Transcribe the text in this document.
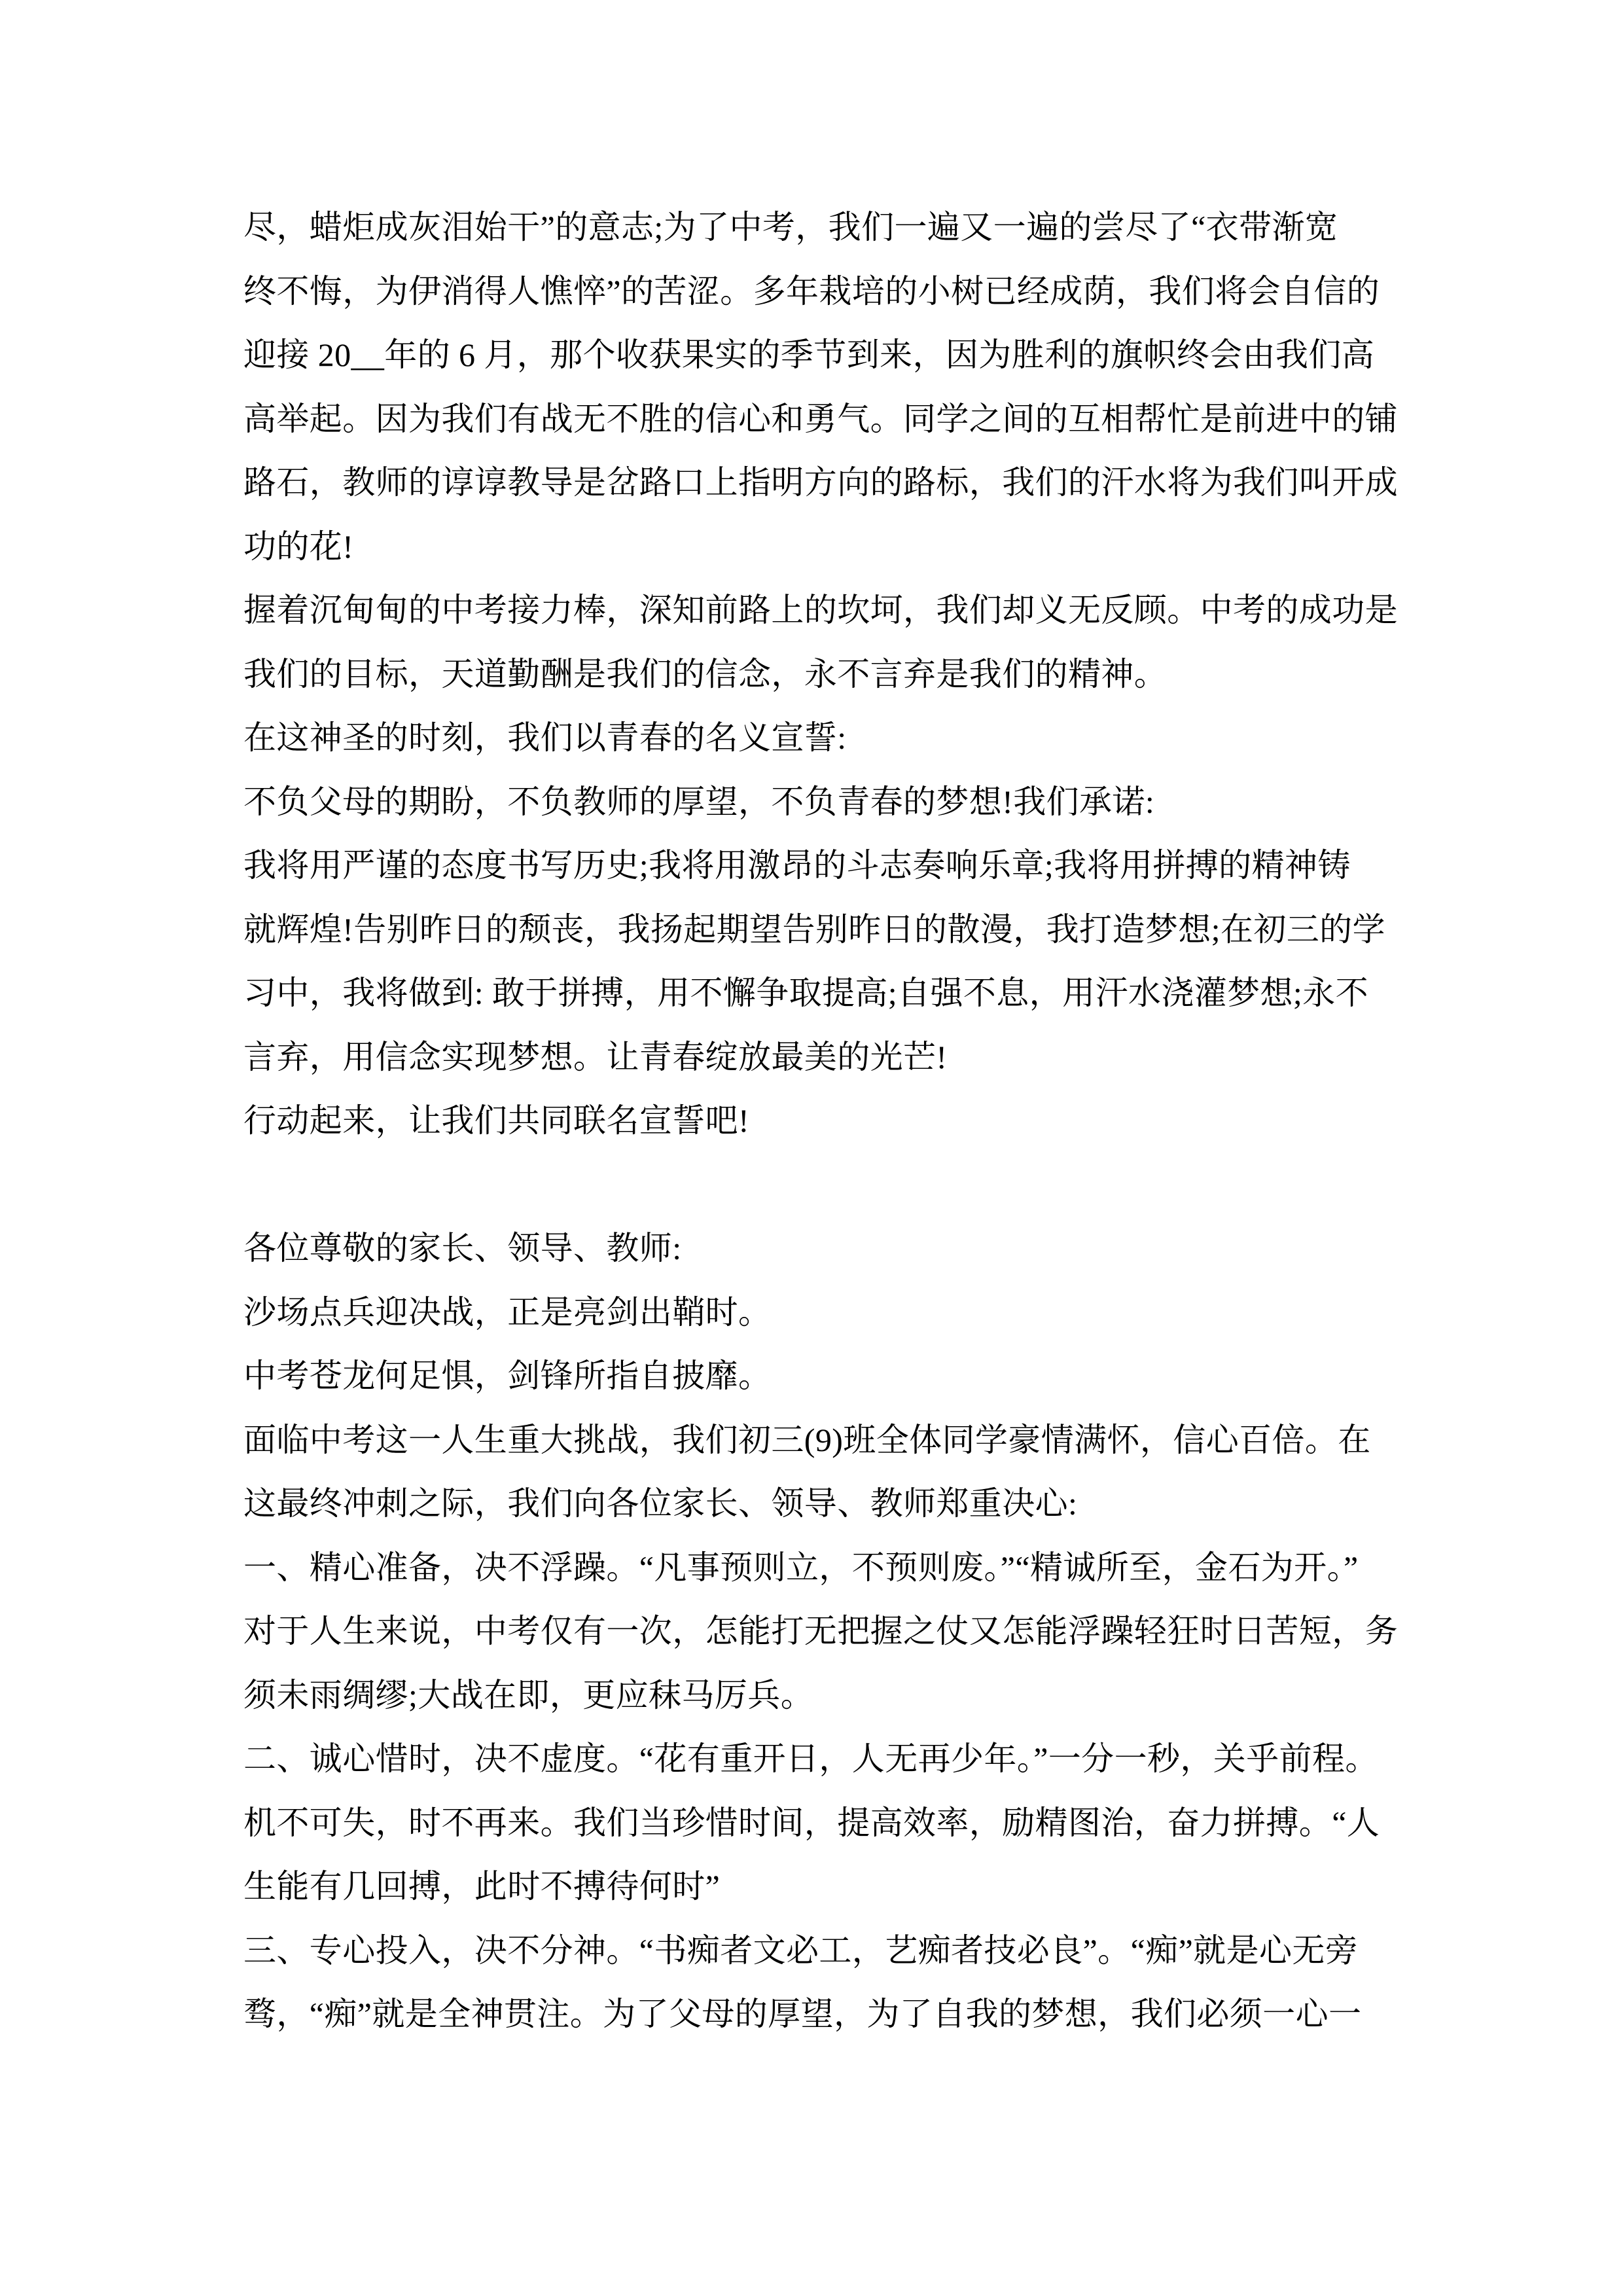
尽，蜡炬成灰泪始干”的意志;为了中考，我们一遍又一遍的尝尽了“衣带渐宽
终不悔，为伊消得人憔悴”的苦涩。多年栽培的小树已经成荫，我们将会自信的
迎接 20__年的 6 月，那个收获果实的季节到来，因为胜利的旗帜终会由我们高
高举起。因为我们有战无不胜的信心和勇气。同学之间的互相帮忙是前进中的铺
路石，教师的谆谆教导是岔路口上指明方向的路标，我们的汗水将为我们叫开成
功的花!
握着沉甸甸的中考接力棒，深知前路上的坎坷，我们却义无反顾。中考的成功是
我们的目标，天道勤酬是我们的信念，永不言弃是我们的精神。
在这神圣的时刻，我们以青春的名义宣誓:
不负父母的期盼，不负教师的厚望，不负青春的梦想!我们承诺:
我将用严谨的态度书写历史;我将用激昂的斗志奏响乐章;我将用拼搏的精神铸
就辉煌!告别昨日的颓丧，我扬起期望告别昨日的散漫，我打造梦想;在初三的学
习中，我将做到: 敢于拼搏，用不懈争取提高;自强不息，用汗水浇灌梦想;永不
言弃，用信念实现梦想。让青春绽放最美的光芒!
行动起来，让我们共同联名宣誓吧!
各位尊敬的家长、领导、教师:
沙场点兵迎决战，正是亮剑出鞘时。
中考苍龙何足惧，剑锋所指自披靡。
面临中考这一人生重大挑战，我们初三(9)班全体同学豪情满怀，信心百倍。在
这最终冲刺之际，我们向各位家长、领导、教师郑重决心:
一、精心准备，决不浮躁。“凡事预则立，不预则废。”“精诚所至，金石为开。”
对于人生来说，中考仅有一次，怎能打无把握之仗又怎能浮躁轻狂时日苦短，务
须未雨绸缪;大战在即，更应秣马厉兵。
二、诚心惜时，决不虚度。“花有重开日，人无再少年。”一分一秒，关乎前程。
机不可失，时不再来。我们当珍惜时间，提高效率，励精图治，奋力拼搏。“人
生能有几回搏，此时不搏待何时”
三、专心投入，决不分神。“书痴者文必工，艺痴者技必良”。“痴”就是心无旁
骛，“痴”就是全神贯注。为了父母的厚望，为了自我的梦想，我们必须一心一
